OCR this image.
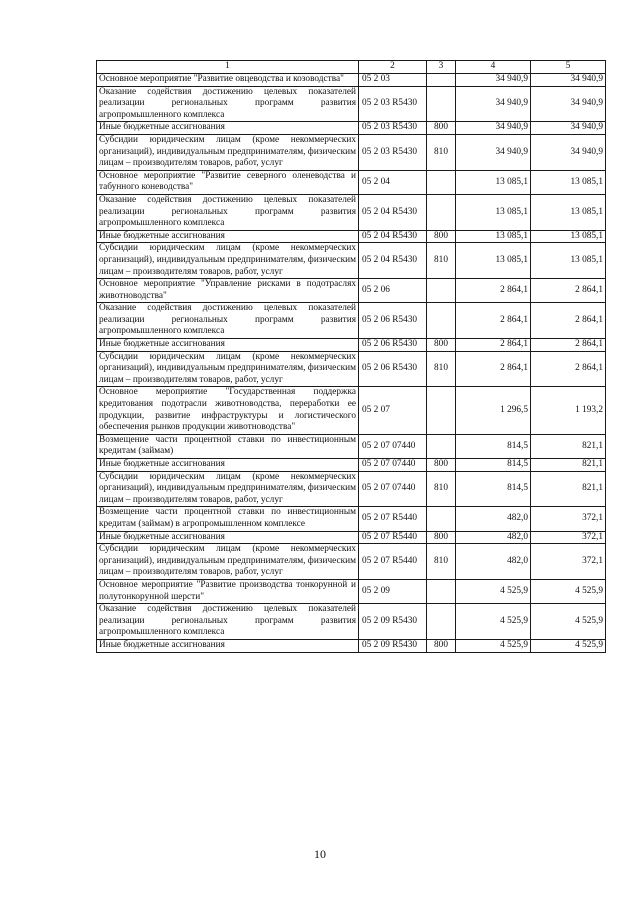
1	2	3	4	5
Основное мероприятие "Развитие овцеводства и козоводства"	05 2 03		34 940,9	34 940,9
Оказание содействия достижению целевых показателей реализации региональных программ развития агропромышленного комплекса	05 2 03 R5430		34 940,9	34 940,9
Иные бюджетные ассигнования	05 2 03 R5430	800	34 940,9	34 940,9
Субсидии юридическим лицам (кроме некоммерческих организаций), индивидуальным предпринимателям, физическим лицам – производителям товаров, работ, услуг	05 2 03 R5430	810	34 940,9	34 940,9
Основное мероприятие "Развитие северного оленеводства и табунного коневодства"	05 2 04		13 085,1	13 085,1
Оказание содействия достижению целевых показателей реализации региональных программ развития агропромышленного комплекса	05 2 04 R5430		13 085,1	13 085,1
Иные бюджетные ассигнования	05 2 04 R5430	800	13 085,1	13 085,1
Субсидии юридическим лицам (кроме некоммерческих организаций), индивидуальным предпринимателям, физическим лицам – производителям товаров, работ, услуг	05 2 04 R5430	810	13 085,1	13 085,1
Основное мероприятие "Управление рисками в подотраслях животноводства"	05 2 06		2 864,1	2 864,1
Оказание содействия достижению целевых показателей реализации региональных программ развития агропромышленного комплекса	05 2 06 R5430		2 864,1	2 864,1
Иные бюджетные ассигнования	05 2 06 R5430	800	2 864,1	2 864,1
Субсидии юридическим лицам (кроме некоммерческих организаций), индивидуальным предпринимателям, физическим лицам – производителям товаров, работ, услуг	05 2 06 R5430	810	2 864,1	2 864,1
Основное мероприятие "Государственная поддержка кредитования подотрасли животноводства, переработки ее продукции, развитие инфраструктуры и логистического обеспечения рынков продукции животноводства"	05 2 07		1 296,5	1 193,2
Возмещение части процентной ставки по инвестиционным кредитам (займам)	05 2 07 07440		814,5	821,1
Иные бюджетные ассигнования	05 2 07 07440	800	814,5	821,1
Субсидии юридическим лицам (кроме некоммерческих организаций), индивидуальным предпринимателям, физическим лицам – производителям товаров, работ, услуг	05 2 07 07440	810	814,5	821,1
Возмещение части процентной ставки по инвестиционным кредитам (займам) в агропромышленном комплексе	05 2 07 R5440		482,0	372,1
Иные бюджетные ассигнования	05 2 07 R5440	800	482,0	372,1
Субсидии юридическим лицам (кроме некоммерческих организаций), индивидуальным предпринимателям, физическим лицам – производителям товаров, работ, услуг	05 2 07 R5440	810	482,0	372,1
Основное мероприятие "Развитие производства тонкорунной и полутонкорунной шерсти"	05 2 09		4 525,9	4 525,9
Оказание содействия достижению целевых показателей реализации региональных программ развития агропромышленного комплекса	05 2 09 R5430		4 525,9	4 525,9
Иные бюджетные ассигнования	05 2 09 R5430	800	4 525,9	4 525,9
10
